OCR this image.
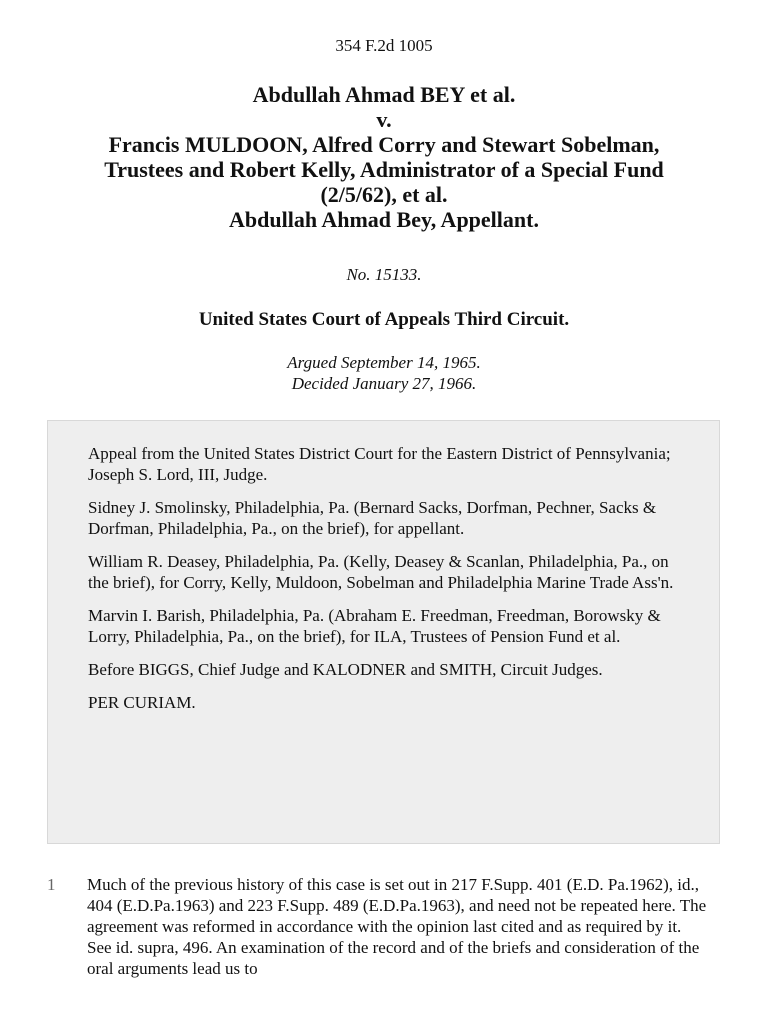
354 F.2d 1005
Abdullah Ahmad BEY et al.
v.
Francis MULDOON, Alfred Corry and Stewart Sobelman,
Trustees and Robert Kelly, Administrator of a Special Fund
(2/5/62), et al.
Abdullah Ahmad Bey, Appellant.
No. 15133.
United States Court of Appeals Third Circuit.
Argued September 14, 1965.
Decided January 27, 1966.

Appeal from the United States District Court for the Eastern District of Pennsylvania; Joseph S. Lord, III, Judge.

Sidney J. Smolinsky, Philadelphia, Pa. (Bernard Sacks, Dorfman, Pechner, Sacks & Dorfman, Philadelphia, Pa., on the brief), for appellant.

William R. Deasey, Philadelphia, Pa. (Kelly, Deasey & Scanlan, Philadelphia, Pa., on the brief), for Corry, Kelly, Muldoon, Sobelman and Philadelphia Marine Trade Ass'n.

Marvin I. Barish, Philadelphia, Pa. (Abraham E. Freedman, Freedman, Borowsky & Lorry, Philadelphia, Pa., on the brief), for ILA, Trustees of Pension Fund et al.

Before BIGGS, Chief Judge and KALODNER and SMITH, Circuit Judges.

PER CURIAM.

1	Much of the previous history of this case is set out in 217 F.Supp. 401 (E.D. Pa.1962), id., 404 (E.D.Pa.1963) and 223 F.Supp. 489 (E.D.Pa.1963), and need not be repeated here. The agreement was reformed in accordance with the opinion last cited and as required by it. See id. supra, 496. An examination of the record and of the briefs and consideration of the oral arguments lead us to
